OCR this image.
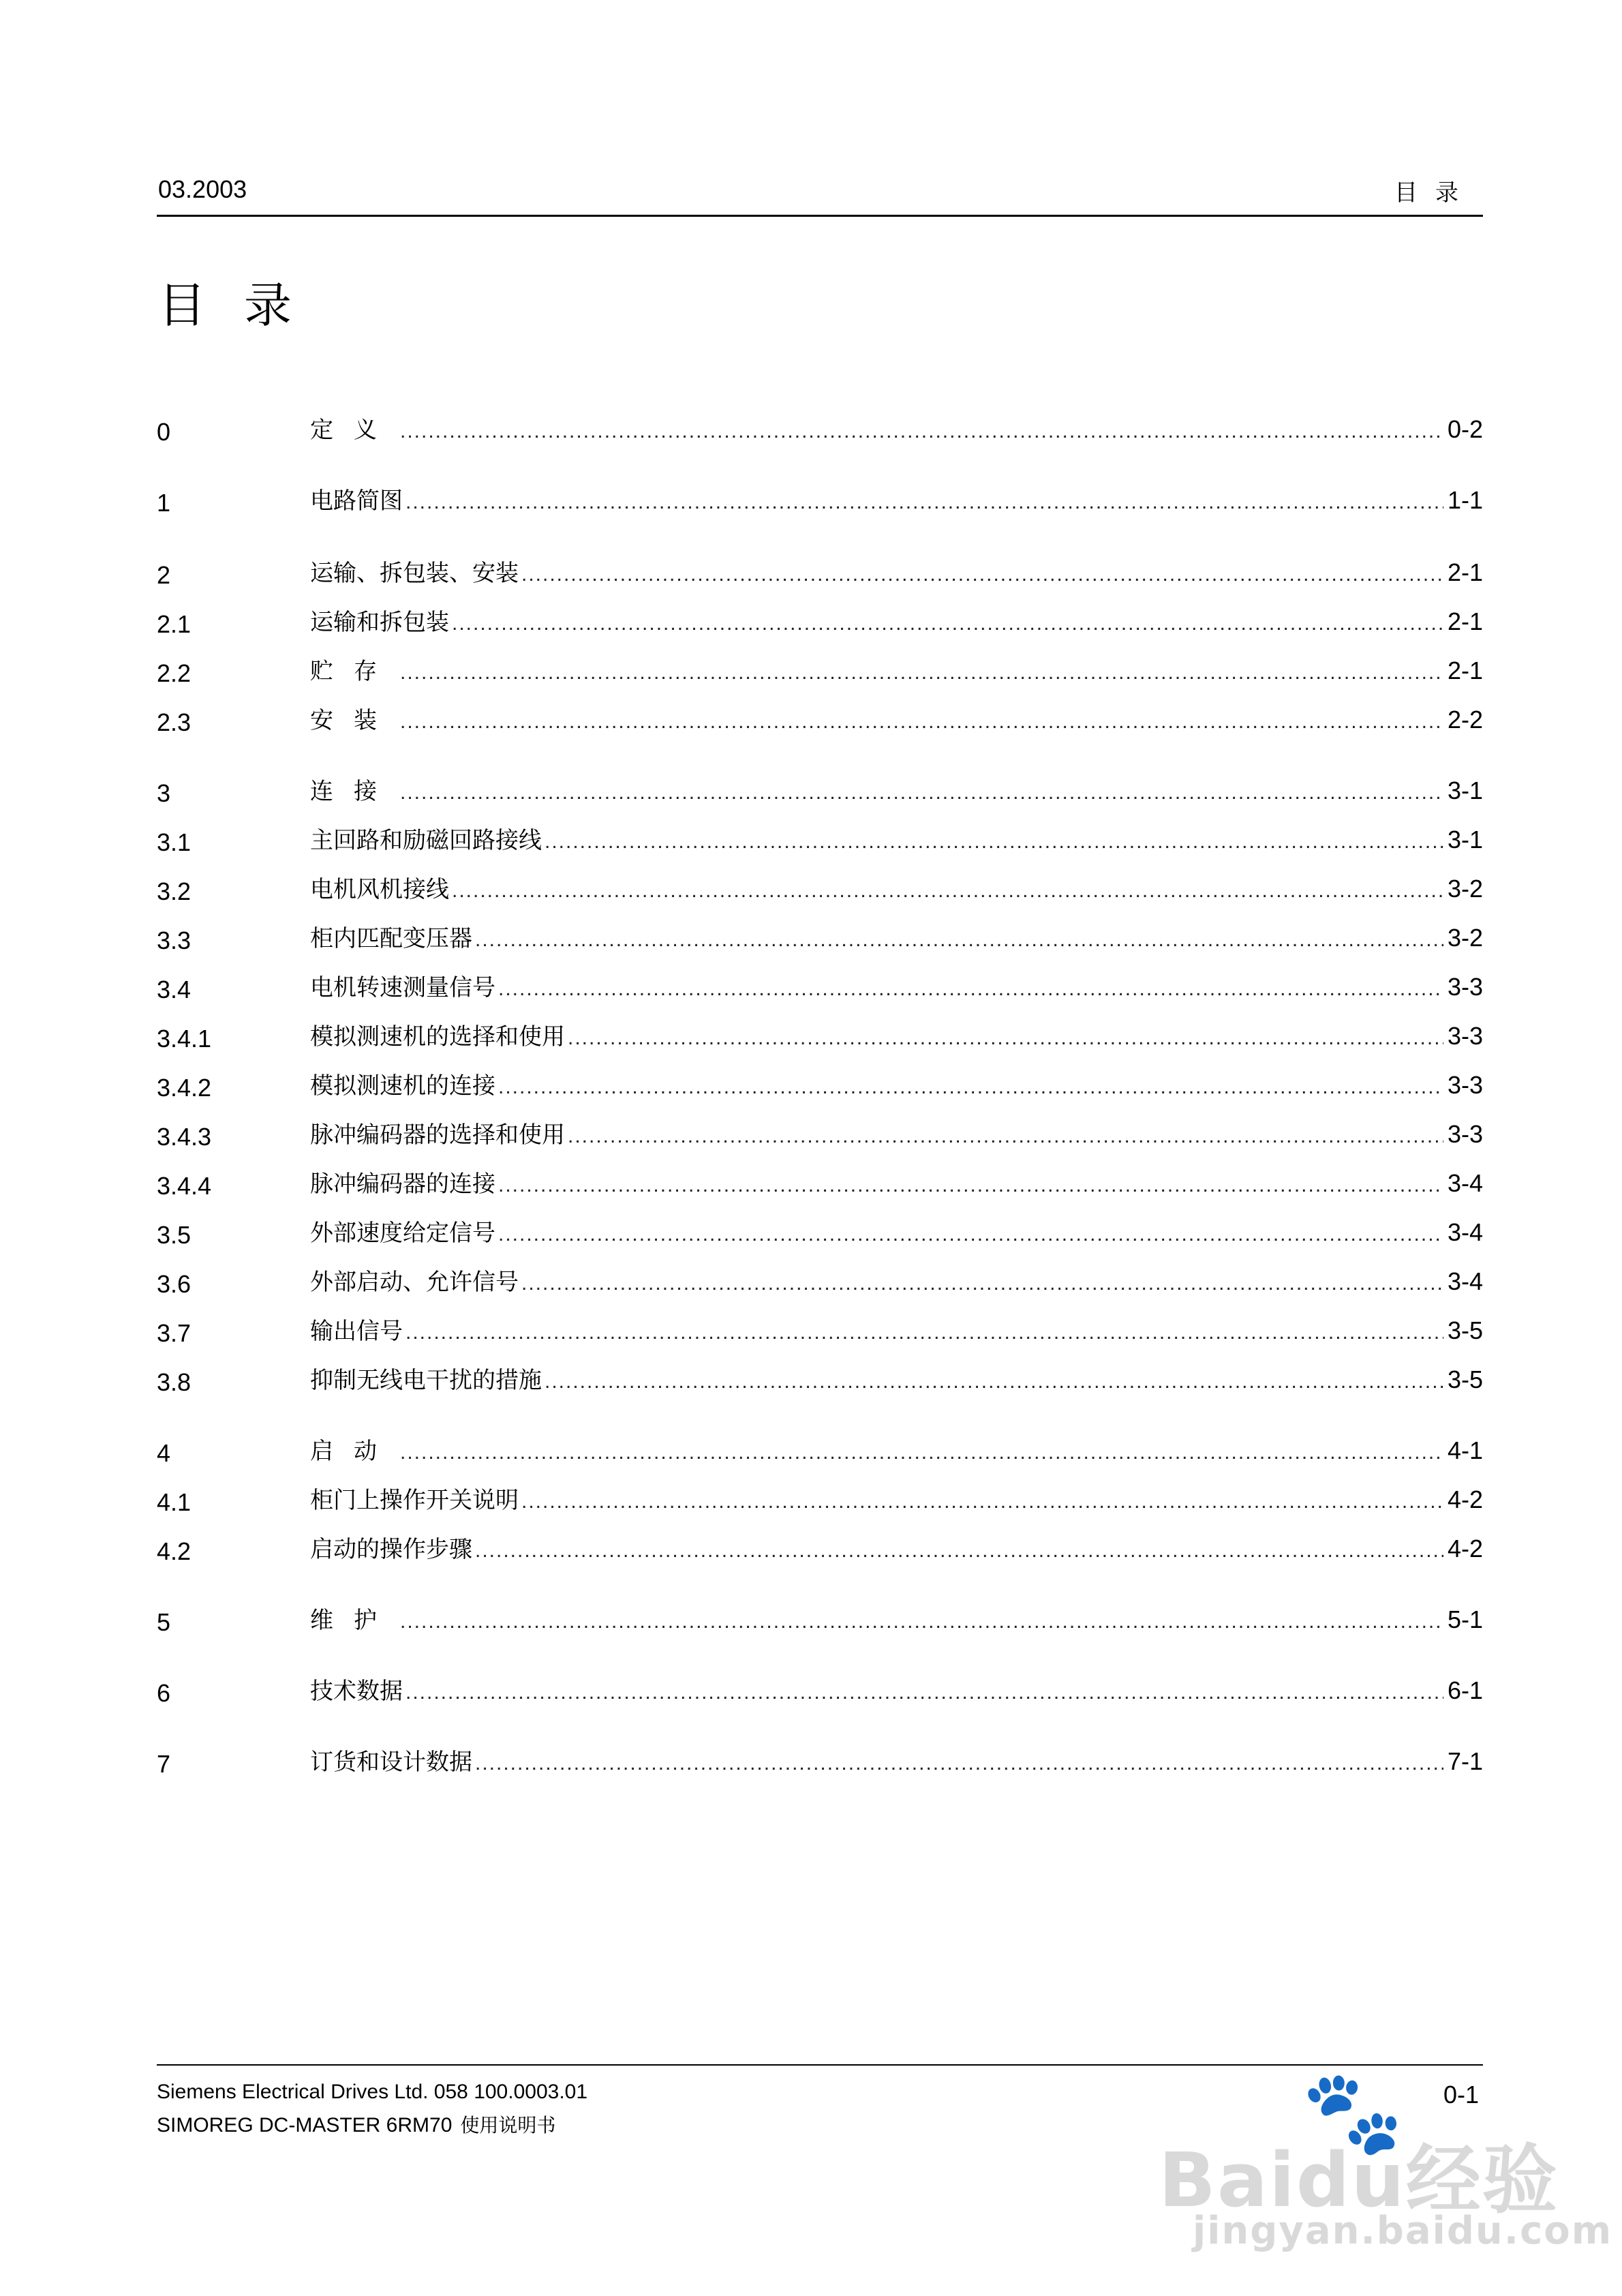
03.2003	目录
目录
0	定义 .....	0-2
1	电路简图 .....	1-1
2	运输、拆包装、安装 .....	2-1
2.1	运输和拆包装 .....	2-1
2.2	贮存 .....	2-1
2.3	安装 .....	2-2
3	连接 .....	3-1
3.1	主回路和励磁回路接线 .....	3-1
3.2	电机风机接线 .....	3-2
3.3	柜内匹配变压器 .....	3-2
3.4	电机转速测量信号 .....	3-3
3.4.1	模拟测速机的选择和使用 .....	3-3
3.4.2	模拟测速机的连接 .....	3-3
3.4.3	脉冲编码器的选择和使用 .....	3-3
3.4.4	脉冲编码器的连接 .....	3-4
3.5	外部速度给定信号 .....	3-4
3.6	外部启动、允许信号 .....	3-4
3.7	输出信号 .....	3-5
3.8	抑制无线电干扰的措施 .....	3-5
4	启动 .....	4-1
4.1	柜门上操作开关说明 .....	4-2
4.2	启动的操作步骤 .....	4-2
5	维护 .....	5-1
6	技术数据 .....	6-1
7	订货和设计数据 .....	7-1
Siemens Electrical Drives Ltd. 058 100.0003.01
SIMOREG DC-MASTER 6RM70 使用说明书
0-1
🐾
Baidu经验
jingyan.baidu.com
